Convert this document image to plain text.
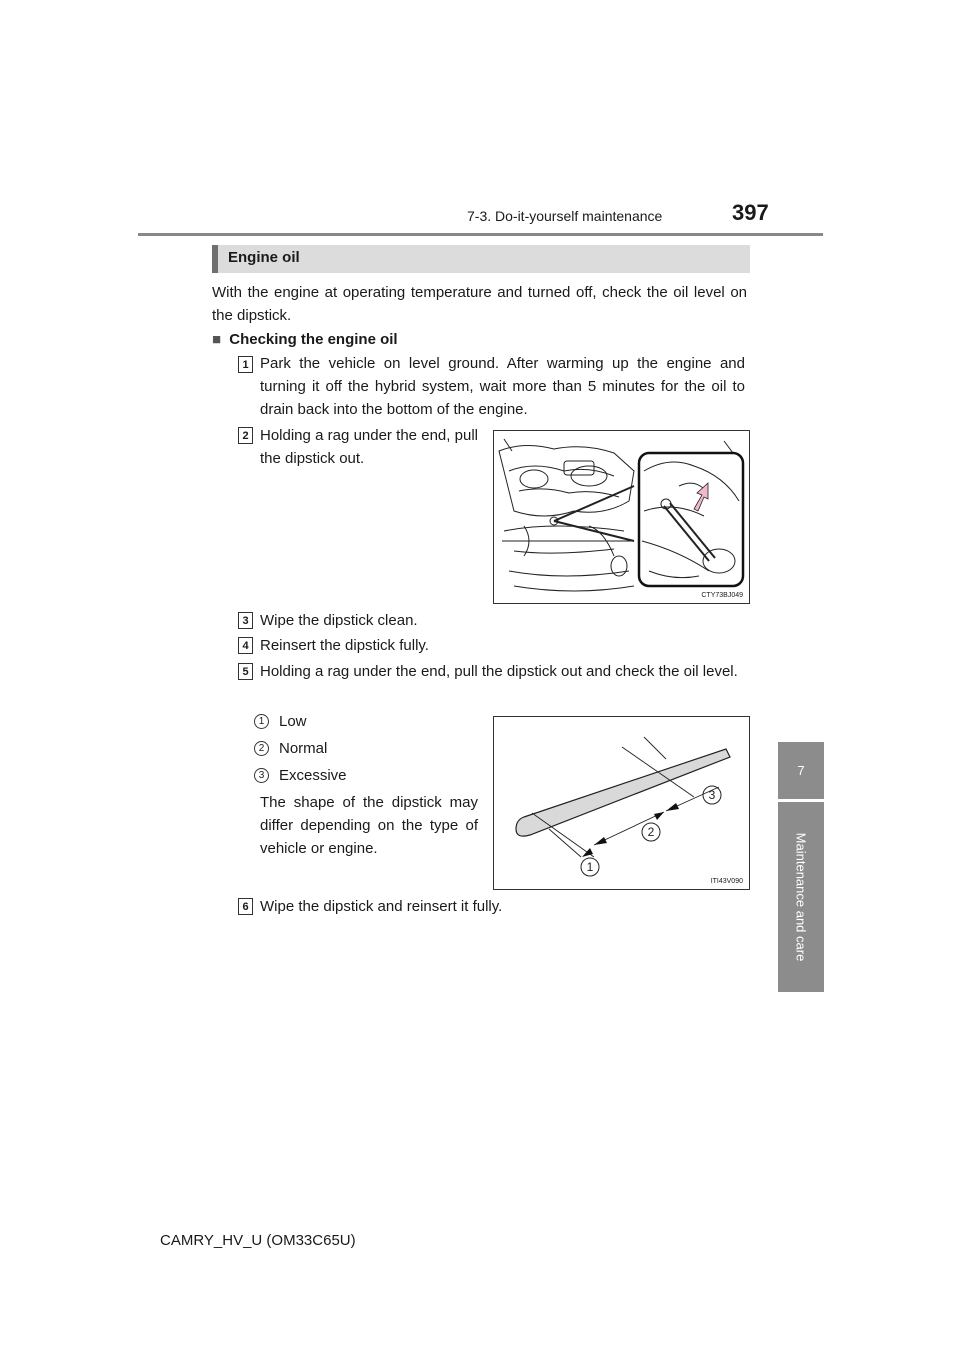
7-3. Do-it-yourself maintenance	397
7
Maintenance and care
Engine oil
With the engine at operating temperature and turned off, check the oil level on the dipstick.
■ Checking the engine oil
1 Park the vehicle on level ground. After warming up the engine and turning it off the hybrid system, wait more than 5 minutes for the oil to drain back into the bottom of the engine.
2 Holding a rag under the end, pull the dipstick out.
CTY73BJ049
3 Wipe the dipstick clean.
4 Reinsert the dipstick fully.
5 Holding a rag under the end, pull the dipstick out and check the oil level.
1 Low
2 Normal
3 Excessive
The shape of the dipstick may differ depending on the type of vehicle or engine.
1
2
3
ITI43V090
6 Wipe the dipstick and reinsert it fully.
CAMRY_HV_U (OM33C65U)
